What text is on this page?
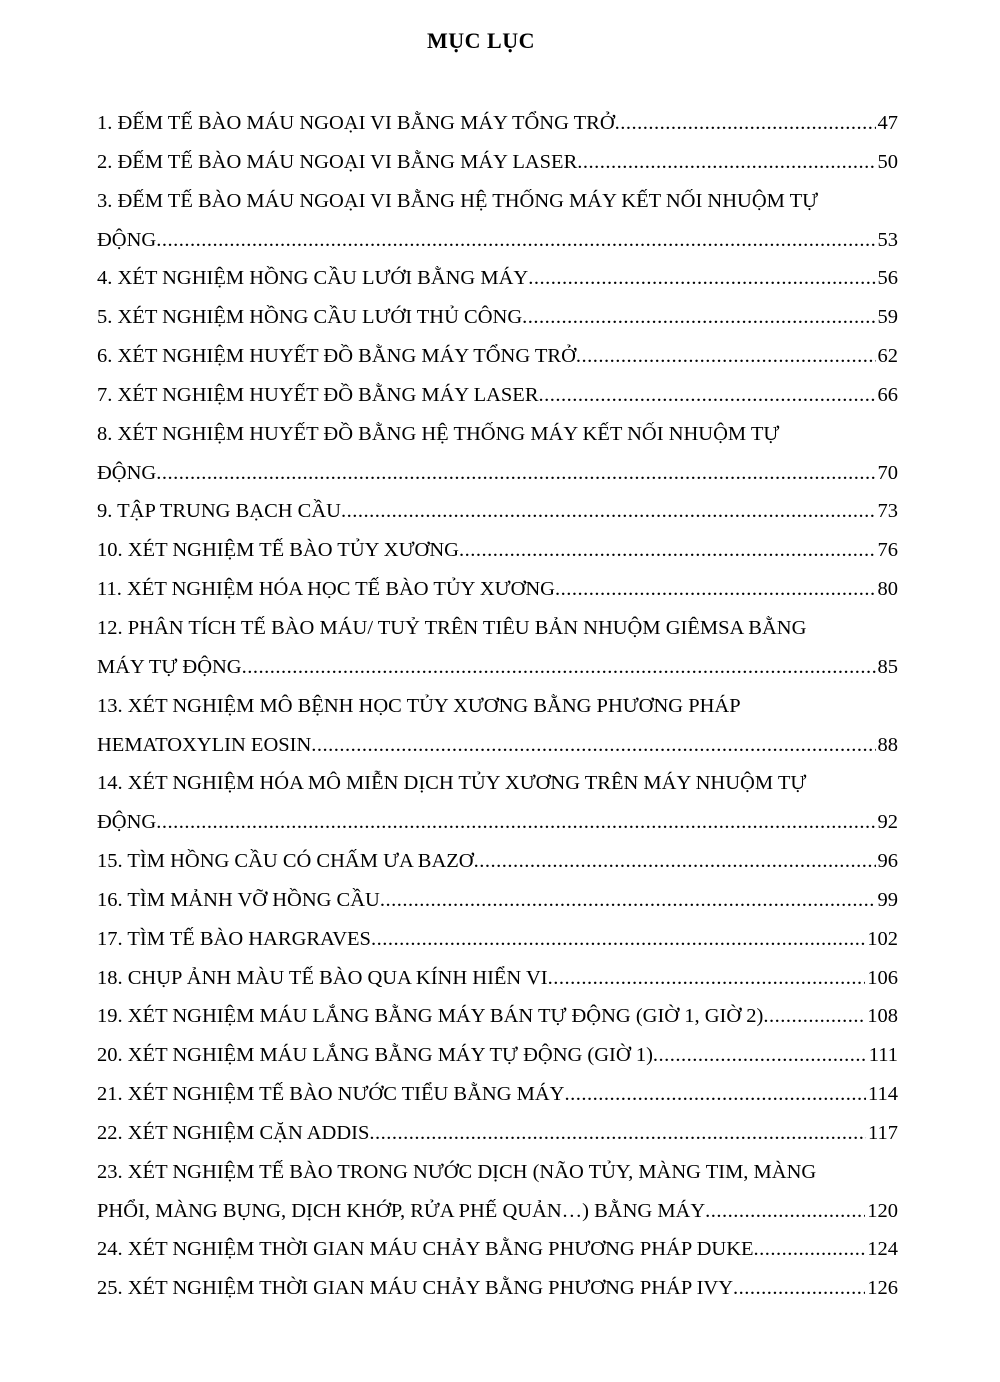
MỤC LỤC
1. ĐẾM TẾ BÀO MÁU NGOẠI VI BẰNG MÁY TỔNG TRỞ .....	47
2. ĐẾM TẾ BÀO MÁU NGOẠI VI BẰNG MÁY LASER .....	50
3. ĐẾM TẾ BÀO MÁU NGOẠI VI BẰNG HỆ THỐNG MÁY KẾT NỐI NHUỘM TỰ
ĐỘNG .....	53
4. XÉT NGHIỆM HỒNG CẦU LƯỚI BẰNG MÁY .....	56
5. XÉT NGHIỆM HỒNG CẦU LƯỚI THỦ CÔNG .....	59
6. XÉT NGHIỆM HUYẾT ĐỒ BẰNG MÁY TỔNG TRỞ .....	62
7. XÉT NGHIỆM HUYẾT ĐỒ BẰNG MÁY LASER .....	66
8. XÉT NGHIỆM HUYẾT ĐỒ BẰNG HỆ THỐNG MÁY KẾT NỐI NHUỘM TỰ
ĐỘNG .....	70
9. TẬP TRUNG BẠCH CẦU .....	73
10. XÉT NGHIỆM TẾ BÀO TỦY XƯƠNG .....	76
11. XÉT NGHIỆM HÓA HỌC TẾ BÀO TỦY XƯƠNG .....	80
12. PHÂN TÍCH TẾ BÀO MÁU/ TUỶ TRÊN TIÊU BẢN NHUỘM GIÊMSA BẰNG
MÁY TỰ ĐỘNG .....	85
13. XÉT NGHIỆM MÔ BỆNH HỌC TỦY XƯƠNG BẰNG PHƯƠNG PHÁP
HEMATOXYLIN EOSIN .....	88
14. XÉT NGHIỆM HÓA MÔ MIỄN DỊCH TỦY XƯƠNG TRÊN MÁY NHUỘM TỰ
ĐỘNG .....	92
15. TÌM HỒNG CẦU CÓ CHẤM ƯA BAZƠ .....	96
16. TÌM MẢNH VỠ HỒNG CẦU .....	99
17. TÌM TẾ BÀO HARGRAVES .....	102
18. CHỤP ẢNH MÀU TẾ BÀO QUA KÍNH HIỂN VI .....	106
19. XÉT NGHIỆM MÁU LẮNG BẰNG MÁY BÁN TỰ ĐỘNG (GIỜ 1, GIỜ 2) .....	108
20. XÉT NGHIỆM MÁU LẮNG BẰNG MÁY TỰ ĐỘNG (GIỜ 1) .....	111
21. XÉT NGHIỆM TẾ BÀO NƯỚC TIỂU BẰNG MÁY .....	114
22. XÉT NGHIỆM CẶN ADDIS .....	117
23. XÉT NGHIỆM TẾ BÀO TRONG NƯỚC DỊCH (NÃO TỦY, MÀNG TIM, MÀNG
PHỔI, MÀNG BỤNG, DỊCH KHỚP, RỬA PHẾ QUẢN…) BẰNG MÁY .....	120
24. XÉT NGHIỆM THỜI GIAN MÁU CHẢY BẰNG PHƯƠNG PHÁP DUKE .....	124
25. XÉT NGHIỆM THỜI GIAN MÁU CHẢY BẰNG PHƯƠNG PHÁP IVY .....	126
